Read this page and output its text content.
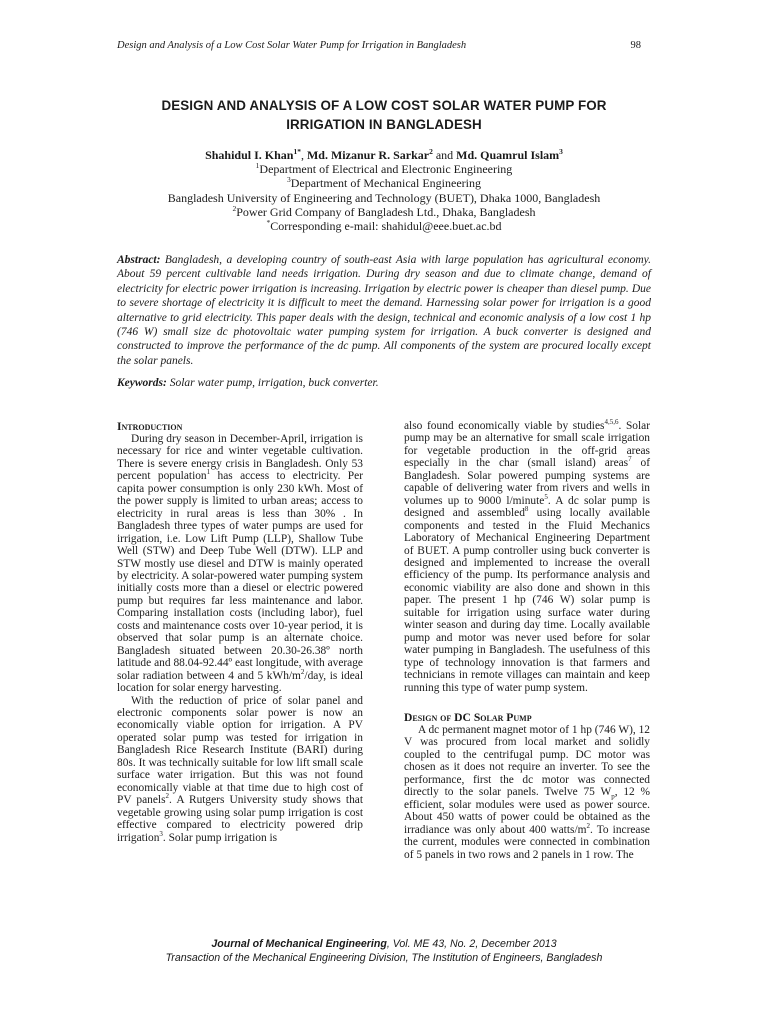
Design and Analysis of a Low Cost Solar Water Pump for Irrigation in Bangladesh	98
DESIGN AND ANALYSIS OF A LOW COST SOLAR WATER PUMP FOR
IRRIGATION IN BANGLADESH
Shahidul I. Khan$^{1*}$, Md. Mizanur R. Sarkar$^2$ and Md. Quamrul Islam$^3$
$^1$Department of Electrical and Electronic Engineering
$^3$Department of Mechanical Engineering
Bangladesh University of Engineering and Technology (BUET), Dhaka 1000, Bangladesh
$^2$Power Grid Company of Bangladesh Ltd., Dhaka, Bangladesh
*Corresponding e-mail: shahidul@eee.buet.ac.bd
Abstract: Bangladesh, a developing country of south-east Asia with large population has agricultural economy. About 59 percent cultivable land needs irrigation. During dry season and due to climate change, demand of electricity for electric power irrigation is increasing. Irrigation by electric power is cheaper than diesel pump. Due to severe shortage of electricity it is difficult to meet the demand. Harnessing solar power for irrigation is a good alternative to grid electricity. This paper deals with the design, technical and economic analysis of a low cost 1 hp (746 W) small size dc photovoltaic water pumping system for irrigation. A buck converter is designed and constructed to improve the performance of the dc pump. All components of the system are procured locally except the solar panels.
Keywords: Solar water pump, irrigation, buck converter.
Introduction

During dry season in December-April, irrigation is necessary for rice and winter vegetable cultivation. There is severe energy crisis in Bangladesh. Only 53 percent population$^1$ has access to electricity. Per capita power consumption is only 230 kWh. Most of the power supply is limited to urban areas; access to electricity in rural areas is less than 30% . In Bangladesh three types of water pumps are used for irrigation, i.e. Low Lift Pump (LLP), Shallow Tube Well (STW) and Deep Tube Well (DTW). LLP and STW mostly use diesel and DTW is mainly operated by electricity. A solar-powered water pumping system initially costs more than a diesel or electric powered pump but requires far less maintenance and labor. Comparing installation costs (including labor), fuel costs and maintenance costs over 10-year period, it is observed that solar pump is an alternate choice. Bangladesh situated between 20.30-26.38º north latitude and 88.04-92.44º east longitude, with average solar radiation between 4 and 5 kWh/$m^2$/day, is ideal location for solar energy harvesting.

With the reduction of price of solar panel and electronic components solar power is now an economically viable option for irrigation. A PV operated solar pump was tested for irrigation in Bangladesh Rice Research Institute (BARI) during 80s. It was technically suitable for low lift small scale surface water irrigation. But this was not found economically viable at that time due to high cost of PV panels$^2$. A Rutgers University study shows that vegetable growing using solar pump irrigation is cost effective compared to electricity powered drip irrigation$^3$. Solar pump irrigation is

also found economically viable by studies$^{4,5,6}$. Solar pump may be an alternative for small scale irrigation for vegetable production in the off-grid areas especially in the char (small island) areas$^7$ of Bangladesh. Solar powered pumping systems are capable of delivering water from rivers and wells in volumes up to 9000 l/minute$^5$. A dc solar pump is designed and assembled$^8$ using locally available components and tested in the Fluid Mechanics Laboratory of Mechanical Engineering Department of BUET. A pump controller using buck converter is designed and implemented to increase the overall efficiency of the pump. Its performance analysis and economic viability are also done and shown in this paper. The present 1 hp (746 W) solar pump is suitable for irrigation using surface water during winter season and during day time. Locally available pump and motor was never used before for solar water pumping in Bangladesh. The usefulness of this type of technology innovation is that farmers and technicians in remote villages can maintain and keep running this type of water pump system.

Design of DC Solar Pump

A dc permanent magnet motor of 1 hp (746 W), 12 V was procured from local market and solidly coupled to the centrifugal pump. DC motor was chosen as it does not require an inverter. To see the performance, first the dc motor was connected directly to the solar panels. Twelve 75 $W_p$, 12 % efficient, solar modules were used as power source. About 450 watts of power could be obtained as the irradiance was only about 400 watts/$m^2$. To increase the current, modules were connected in combination of 5 panels in two rows and 2 panels in 1 row. The

Journal of Mechanical Engineering, Vol. ME 43, No. 2, December 2013
Transaction of the Mechanical Engineering Division, The Institution of Engineers, Bangladesh
